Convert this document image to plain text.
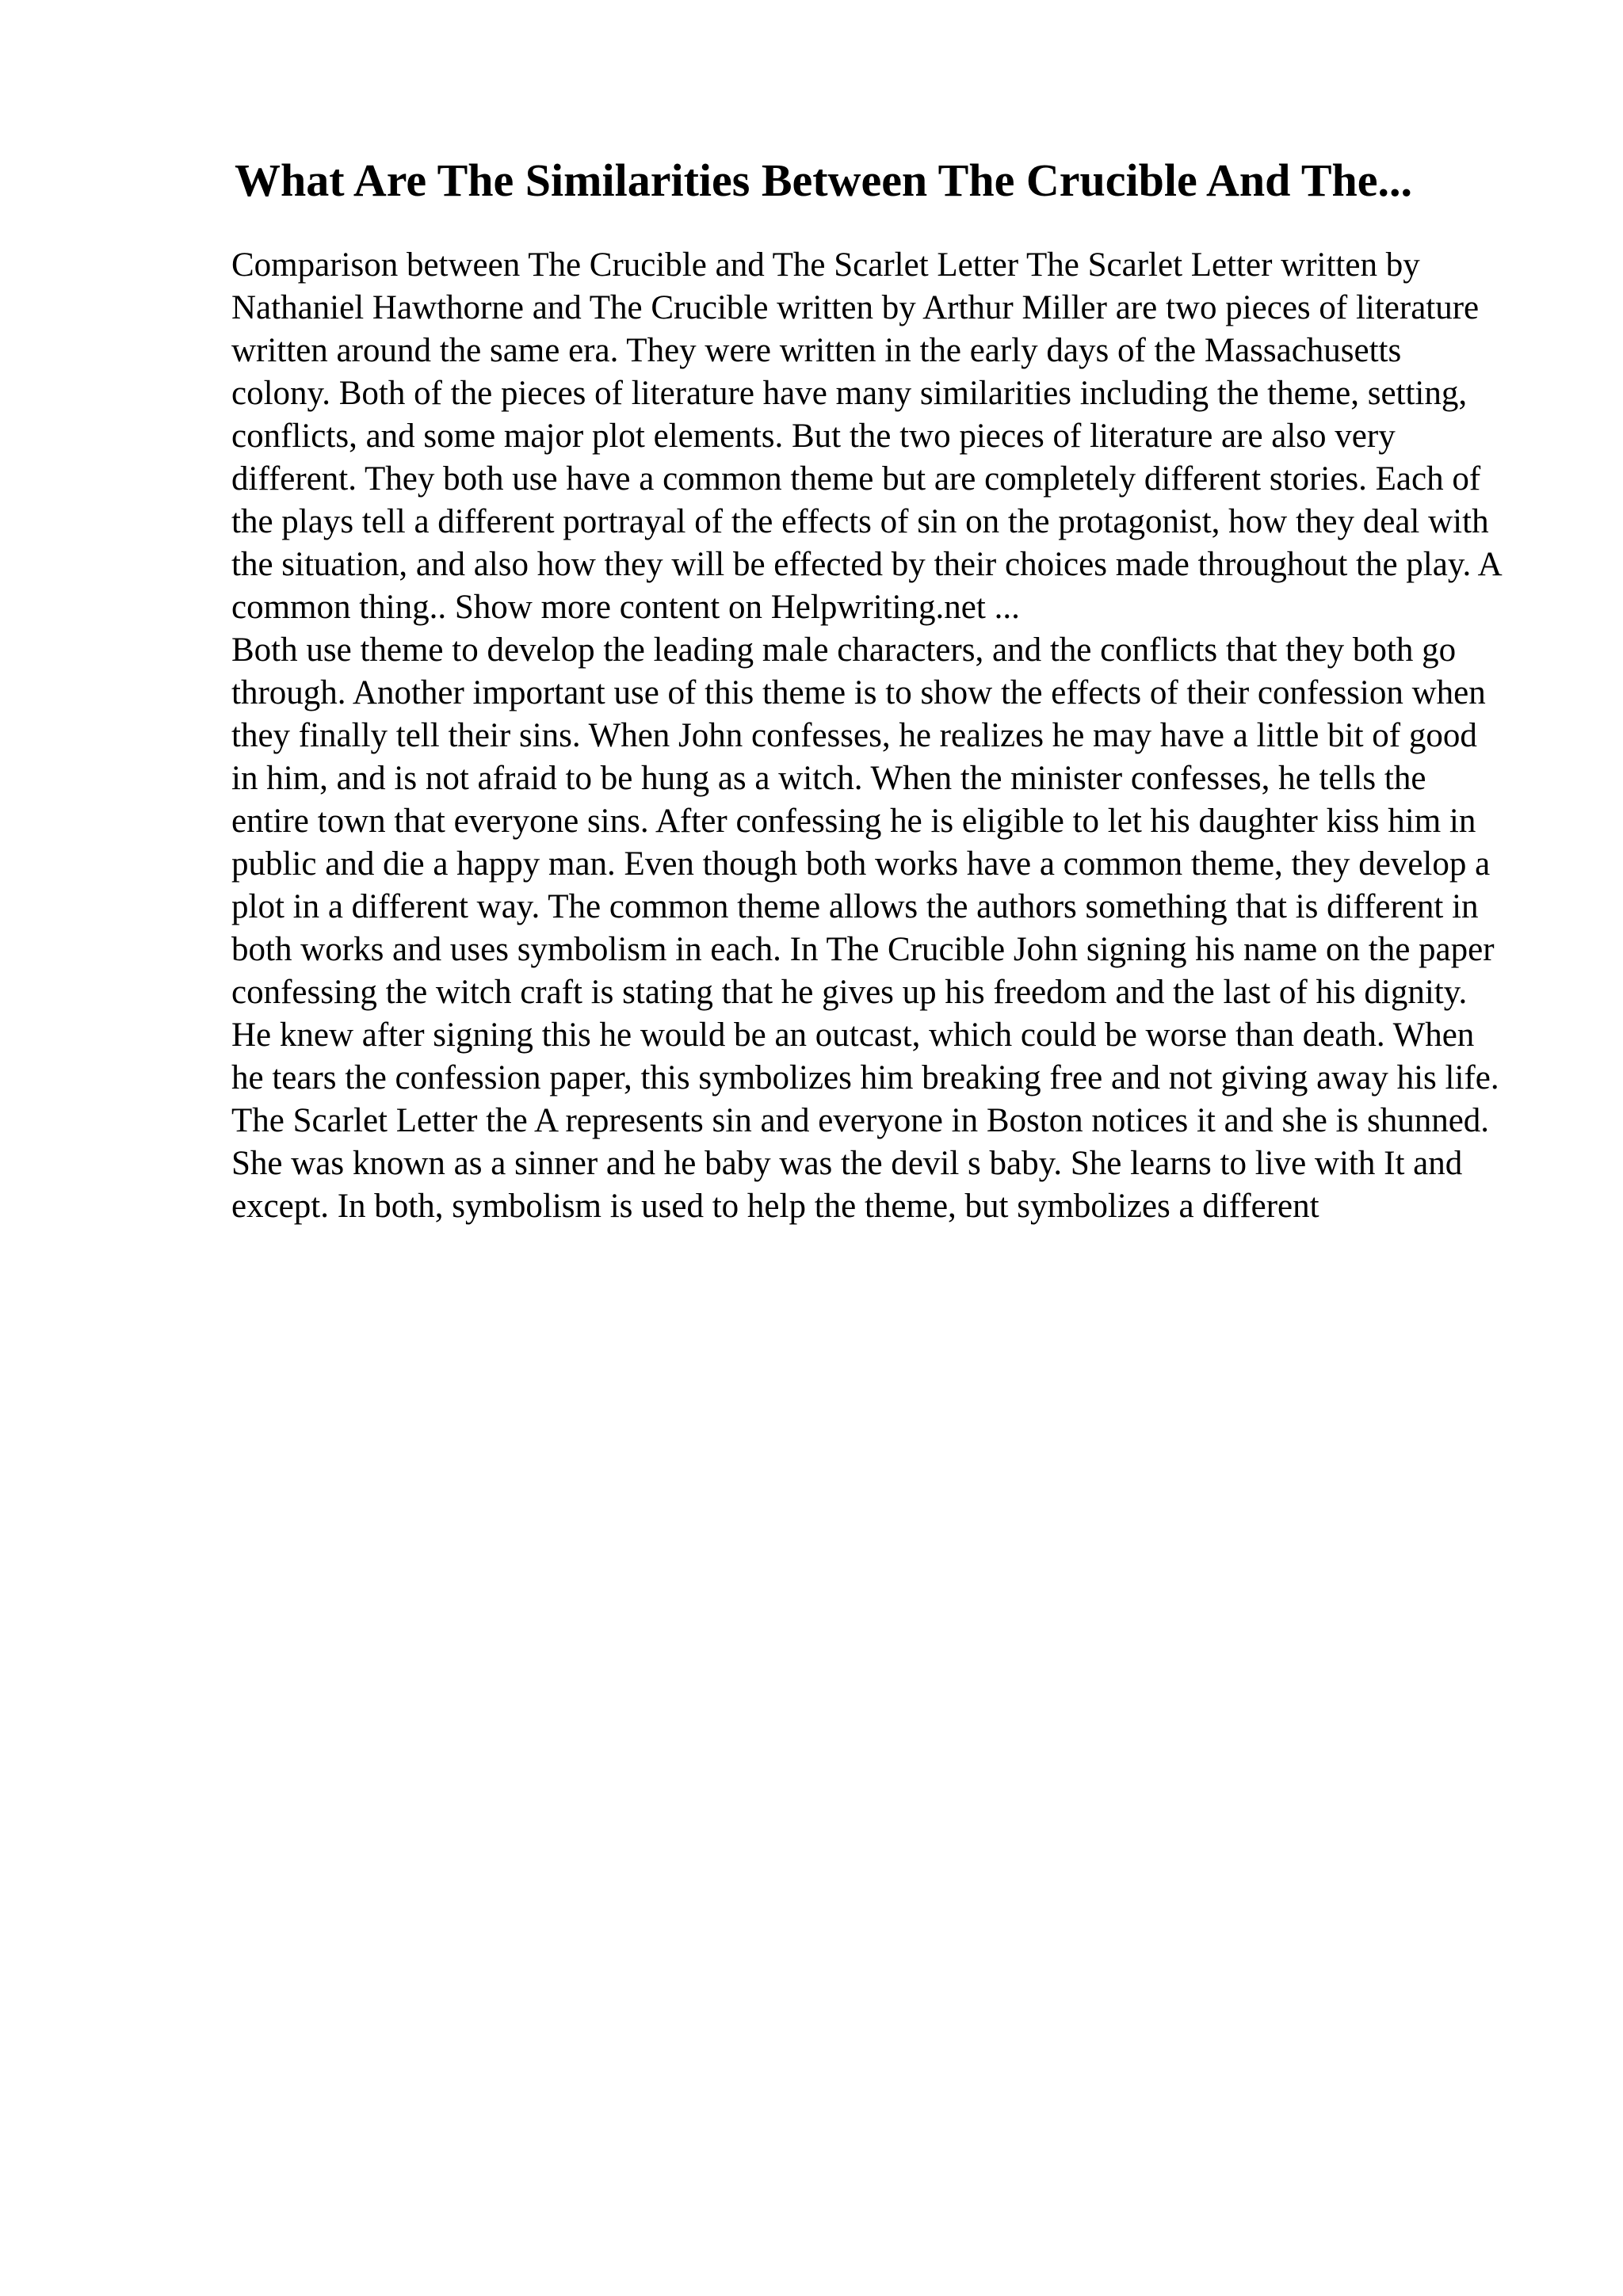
What Are The Similarities Between The Crucible And The...

Comparison between The Crucible and The Scarlet Letter The Scarlet Letter written by Nathaniel Hawthorne and The Crucible written by Arthur Miller are two pieces of literature written around the same era. They were written in the early days of the Massachusetts colony. Both of the pieces of literature have many similarities including the theme, setting, conflicts, and some major plot elements. But the two pieces of literature are also very different. They both use have a common theme but are completely different stories. Each of the plays tell a different portrayal of the effects of sin on the protagonist, how they deal with the situation, and also how they will be effected by their choices made throughout the play. A common thing.. Show more content on Helpwriting.net ...

Both use theme to develop the leading male characters, and the conflicts that they both go through. Another important use of this theme is to show the effects of their confession when they finally tell their sins. When John confesses, he realizes he may have a little bit of good in him, and is not afraid to be hung as a witch. When the minister confesses, he tells the entire town that everyone sins. After confessing he is eligible to let his daughter kiss him in public and die a happy man. Even though both works have a common theme, they develop a plot in a different way. The common theme allows the authors something that is different in both works and uses symbolism in each. In The Crucible John signing his name on the paper confessing the witch craft is stating that he gives up his freedom and the last of his dignity. He knew after signing this he would be an outcast, which could be worse than death. When he tears the confession paper, this symbolizes him breaking free and not giving away his life. The Scarlet Letter the A represents sin and everyone in Boston notices it and she is shunned. She was known as a sinner and he baby was the devil s baby. She learns to live with It and except. In both, symbolism is used to help the theme, but symbolizes a different
